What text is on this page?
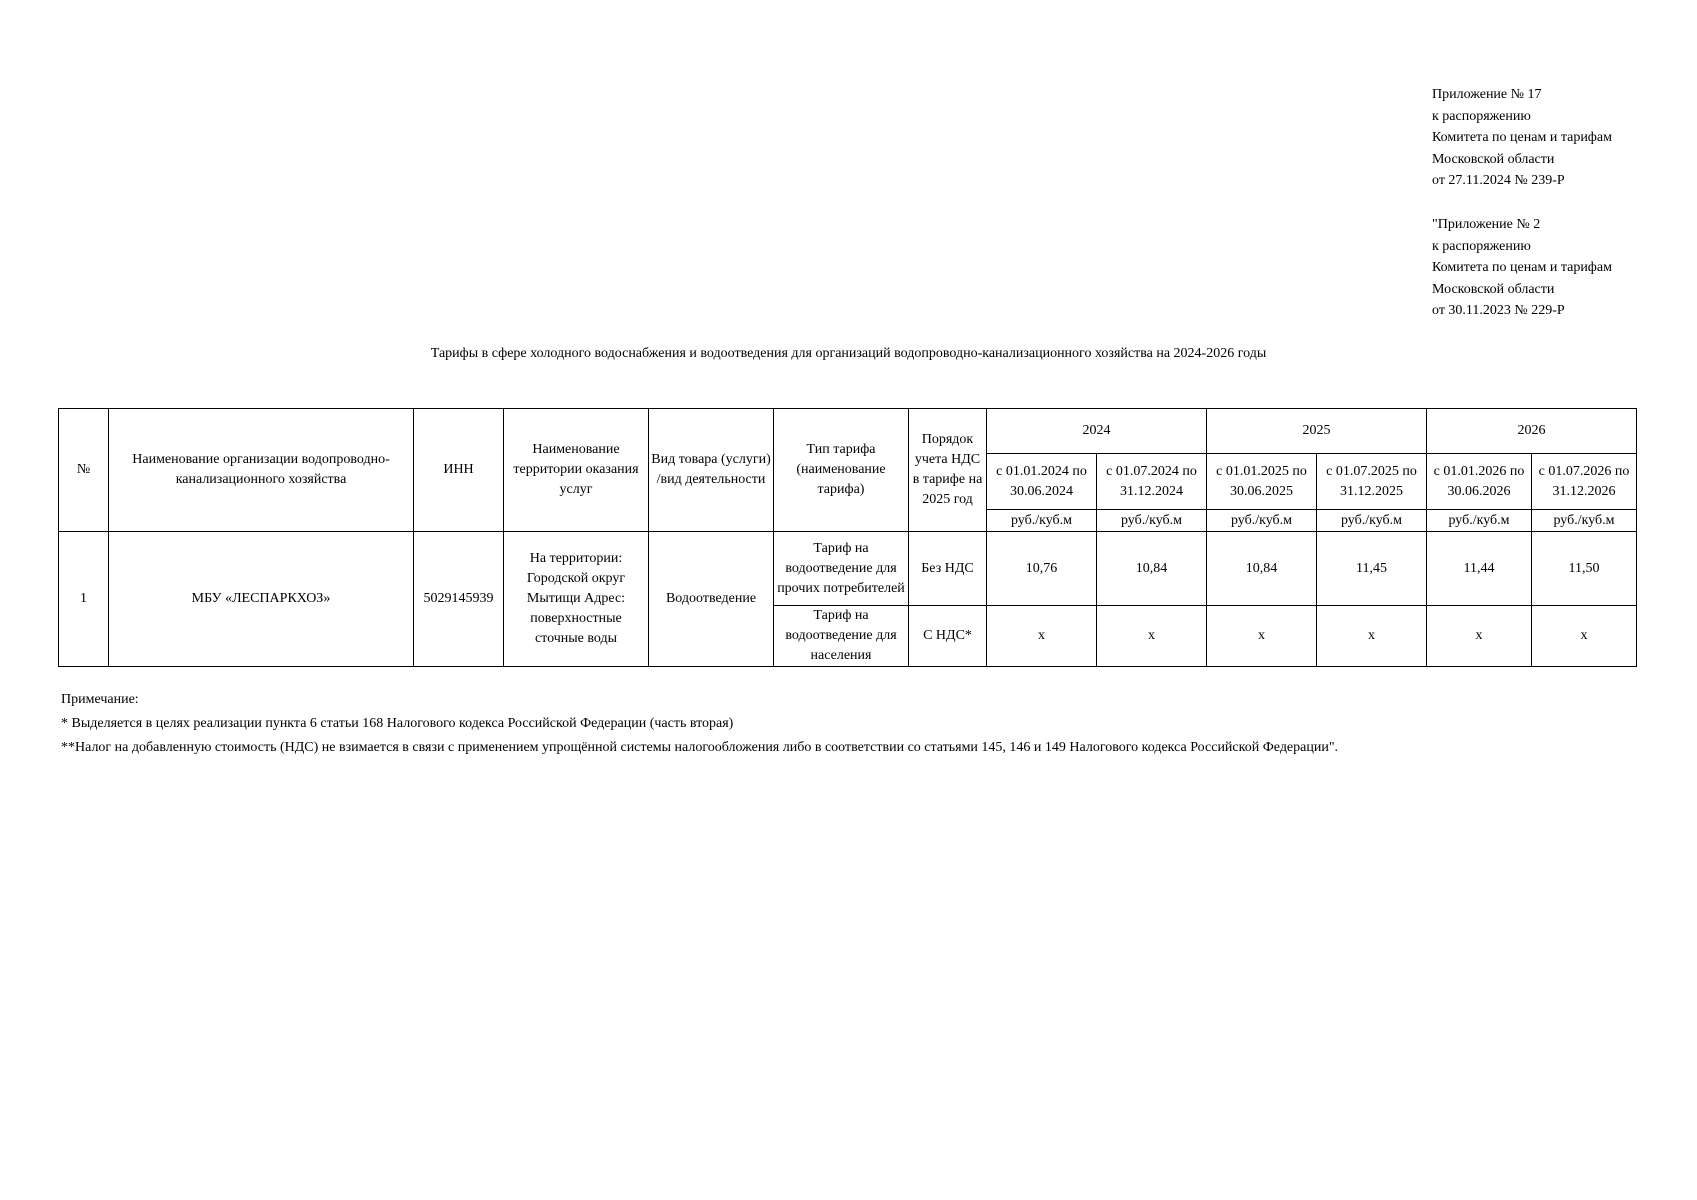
Приложение № 17
к распоряжению
Комитета по ценам и тарифам
Московской области
от 27.11.2024 № 239-Р
"Приложение № 2
к распоряжению
Комитета по ценам и тарифам
Московской области
от 30.11.2023 № 229-Р
Тарифы в сфере холодного водоснабжения и водоотведения для организаций водопроводно-канализационного хозяйства на 2024-2026 годы
№	Наименование организации водопроводно-канализационного хозяйства	ИНН	Наименование территории оказания услуг	Вид товара (услуги) /вид деятельности	Тип тарифа (наименование тарифа)	Порядок учета НДС в тарифе на 2025 год	2024		2025		2026	
							с 01.01.2024 по 30.06.2024	с 01.07.2024 по 31.12.2024	с 01.01.2025 по 30.06.2025	с 01.07.2025 по 31.12.2025	с 01.01.2026 по 30.06.2026	с 01.07.2026 по 31.12.2026
							руб./куб.м	руб./куб.м	руб./куб.м	руб./куб.м	руб./куб.м	руб./куб.м
1	МБУ «ЛЕСПАРКХОЗ»	5029145939	На территории: Городской округ Мытищи Адрес: поверхностные сточные воды	Водоотведение	Тариф на водоотведение для прочих потребителей	Без НДС	10,76	10,84	10,84	11,45	11,44	11,50
					Тариф на водоотведение для населения	С НДС*	x	x	x	x	x	x
Примечание:
* Выделяется в целях реализации пункта 6 статьи 168 Налогового кодекса Российской Федерации (часть вторая)
**Налог на добавленную стоимость (НДС) не взимается в связи с применением упрощённой системы налогообложения либо в соответствии со статьями 145, 146 и 149 Налогового кодекса Российской Федерации".
